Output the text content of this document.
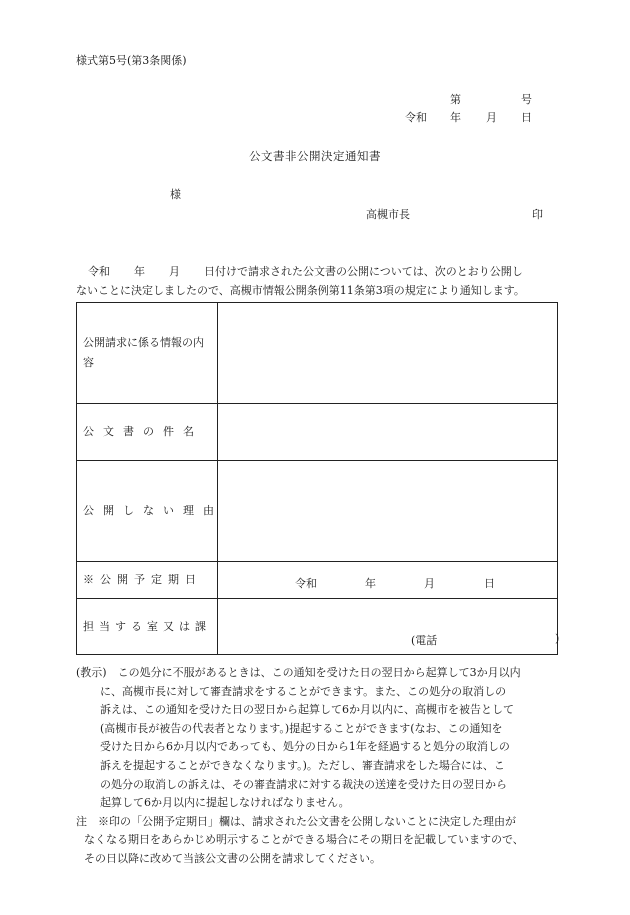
様式第5号(第3条関係)
第	号
令和 年 月 日
公文書非公開決定通知書
様
高槻市長	印
令和 年 月 日付けで請求された公文書の公開については、次のとおり公開し
ないことに決定しましたので、高槻市情報公開条例第11条第3項の規定により通知します。
公開請求に係る情報の内容	
公文書の件名	
公開しない理由	
※公開予定期日	令和 年 月 日

担当する室又は課	(電話 )
(教示)　この処分に不服があるときは、この通知を受けた日の翌日から起算して3か月以内
に、高槻市長に対して審査請求をすることができます。また、この処分の取消しの
訴えは、この通知を受けた日の翌日から起算して6か月以内に、高槻市を被告として
(高槻市長が被告の代表者となります。)提起することができます(なお、この通知を
受けた日から6か月以内であっても、処分の日から1年を経過すると処分の取消しの
訴えを提起することができなくなります。)。ただし、審査請求をした場合には、こ
の処分の取消しの訴えは、その審査請求に対する裁決の送達を受けた日の翌日から
起算して6か月以内に提起しなければなりません。
注　※印の「公開予定期日」欄は、請求された公文書を公開しないことに決定した理由が
なくなる期日をあらかじめ明示することができる場合にその期日を記載していますので、
その日以降に改めて当該公文書の公開を請求してください。
